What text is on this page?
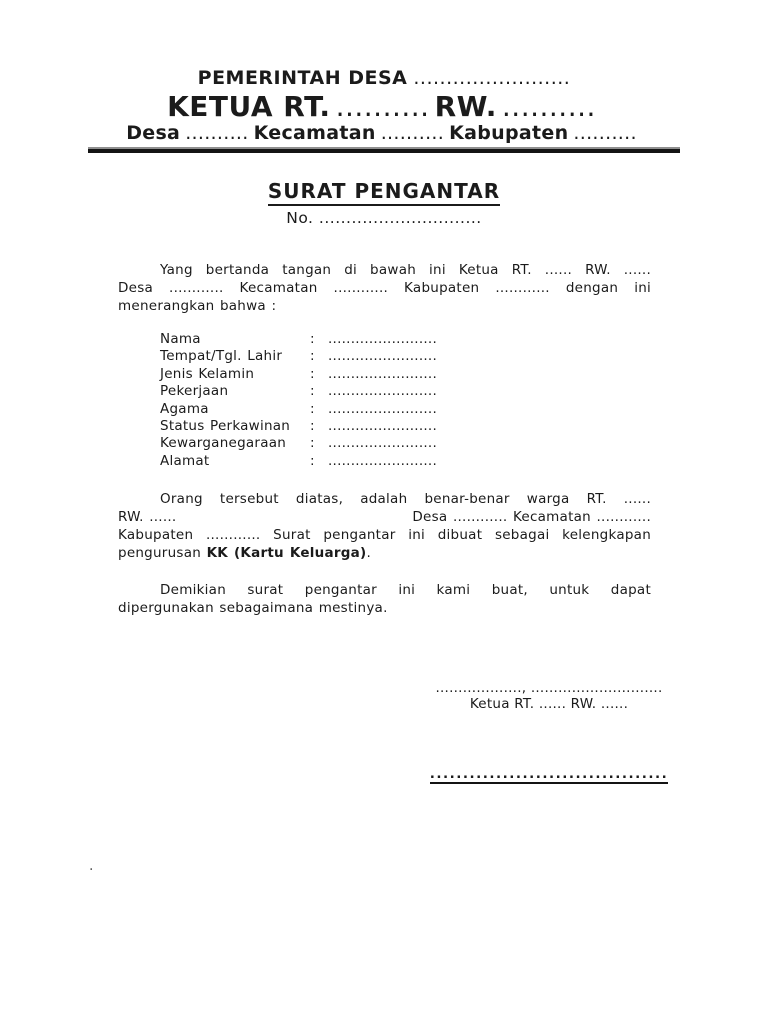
PEMERINTAH DESA ........................
KETUA RT. .......... RW. ..........
Desa .......... Kecamatan .......... Kabupaten ..........
SURAT PENGANTAR
No. ..............................
Yang bertanda tangan di bawah ini Ketua RT. ...... RW. ......
Desa ............ Kecamatan ............ Kabupaten ............ dengan ini
menerangkan bahwa :
Nama	: ........................
Tempat/Tgl. Lahir : ........................
Jenis Kelamin	: ........................
Pekerjaan	: ........................
Agama	: ........................
Status Perkawinan : ........................
Kewarganegaraan : ........................
Alamat	: ........................
Orang tersebut diatas, adalah benar-benar warga RT. ......
RW. ......	Desa ............ Kecamatan ............
Kabupaten ............ Surat pengantar ini dibuat sebagai kelengkapan
pengurusan KK (Kartu Keluarga).
Demikian surat pengantar ini kami buat, untuk dapat
dipergunakan sebagaimana mestinya.
..................., .............................
Ketua RT. ...... RW. ......
....................................
.
